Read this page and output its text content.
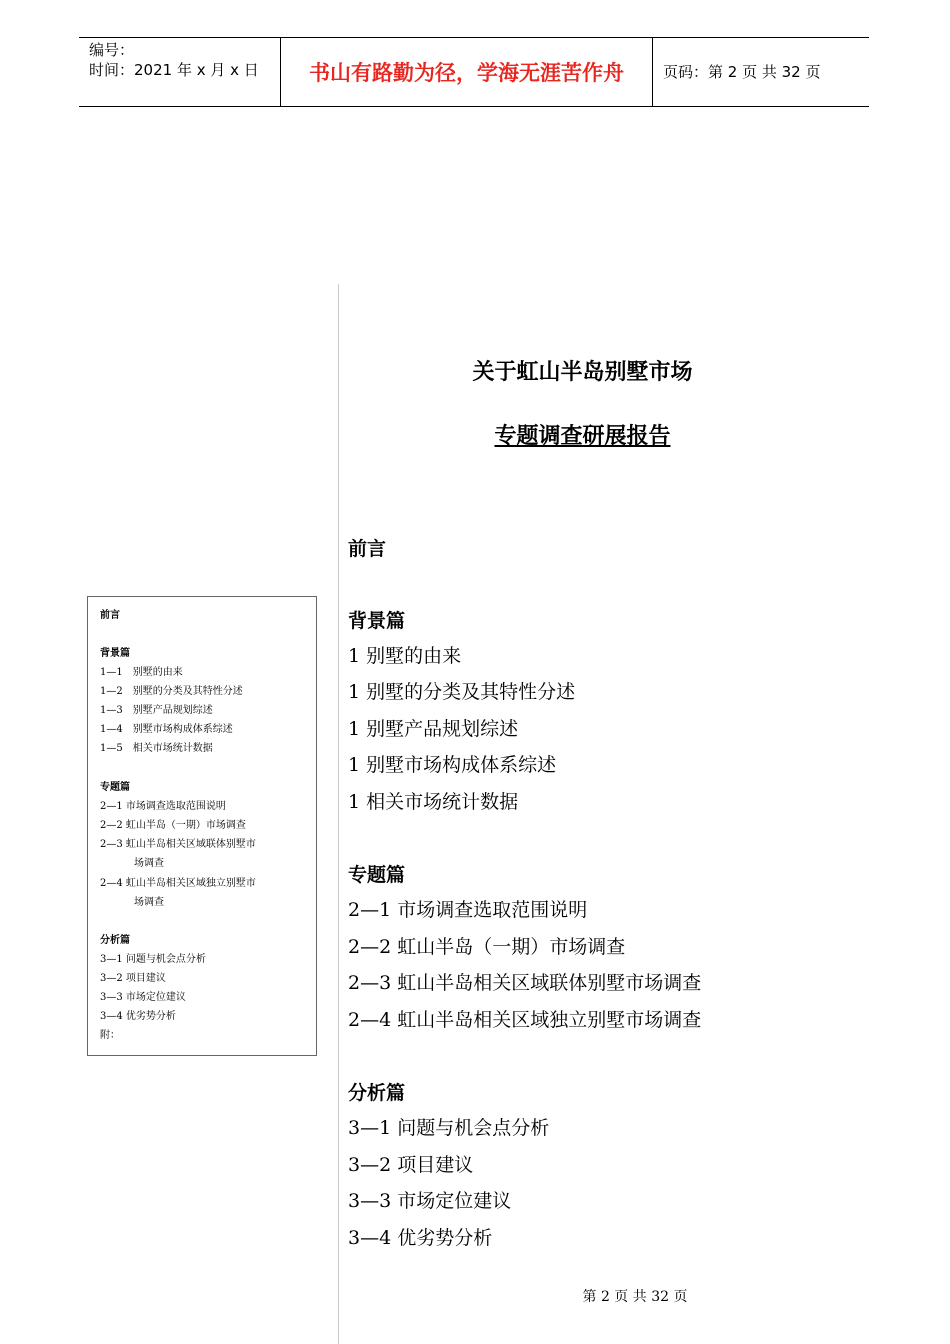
编号：
时间：2021 年 x 月 x 日	书山有路勤为径，学海无涯苦作舟	页码：第 2 页 共 32 页
关于虹山半岛别墅市场
专题调查研展报告
前言
背景篇
1 别墅的由来
1 别墅的分类及其特性分述
1 别墅产品规划综述
1 别墅市场构成体系综述
1 相关市场统计数据
专题篇
2—1 市场调查选取范围说明
2—2 虹山半岛（一期）市场调查
2—3 虹山半岛相关区域联体别墅市场调查
2—4 虹山半岛相关区域独立别墅市场调查
分析篇
3—1 问题与机会点分析
3—2 项目建议
3—3 市场定位建议
3—4 优劣势分析
前言
背景篇
1—1　别墅的由来
1—2　别墅的分类及其特性分述
1—3　别墅产品规划综述
1—4　别墅市场构成体系综述
1—5　相关市场统计数据
专题篇
2—1 市场调查选取范围说明
2—2 虹山半岛（一期）市场调查
2—3 虹山半岛相关区域联体别墅市
场调查
2—4 虹山半岛相关区域独立别墅市
场调查
分析篇
3—1 问题与机会点分析
3—2 项目建议
3—3 市场定位建议
3—4 优劣势分析
附：
第 2 页 共 32 页
